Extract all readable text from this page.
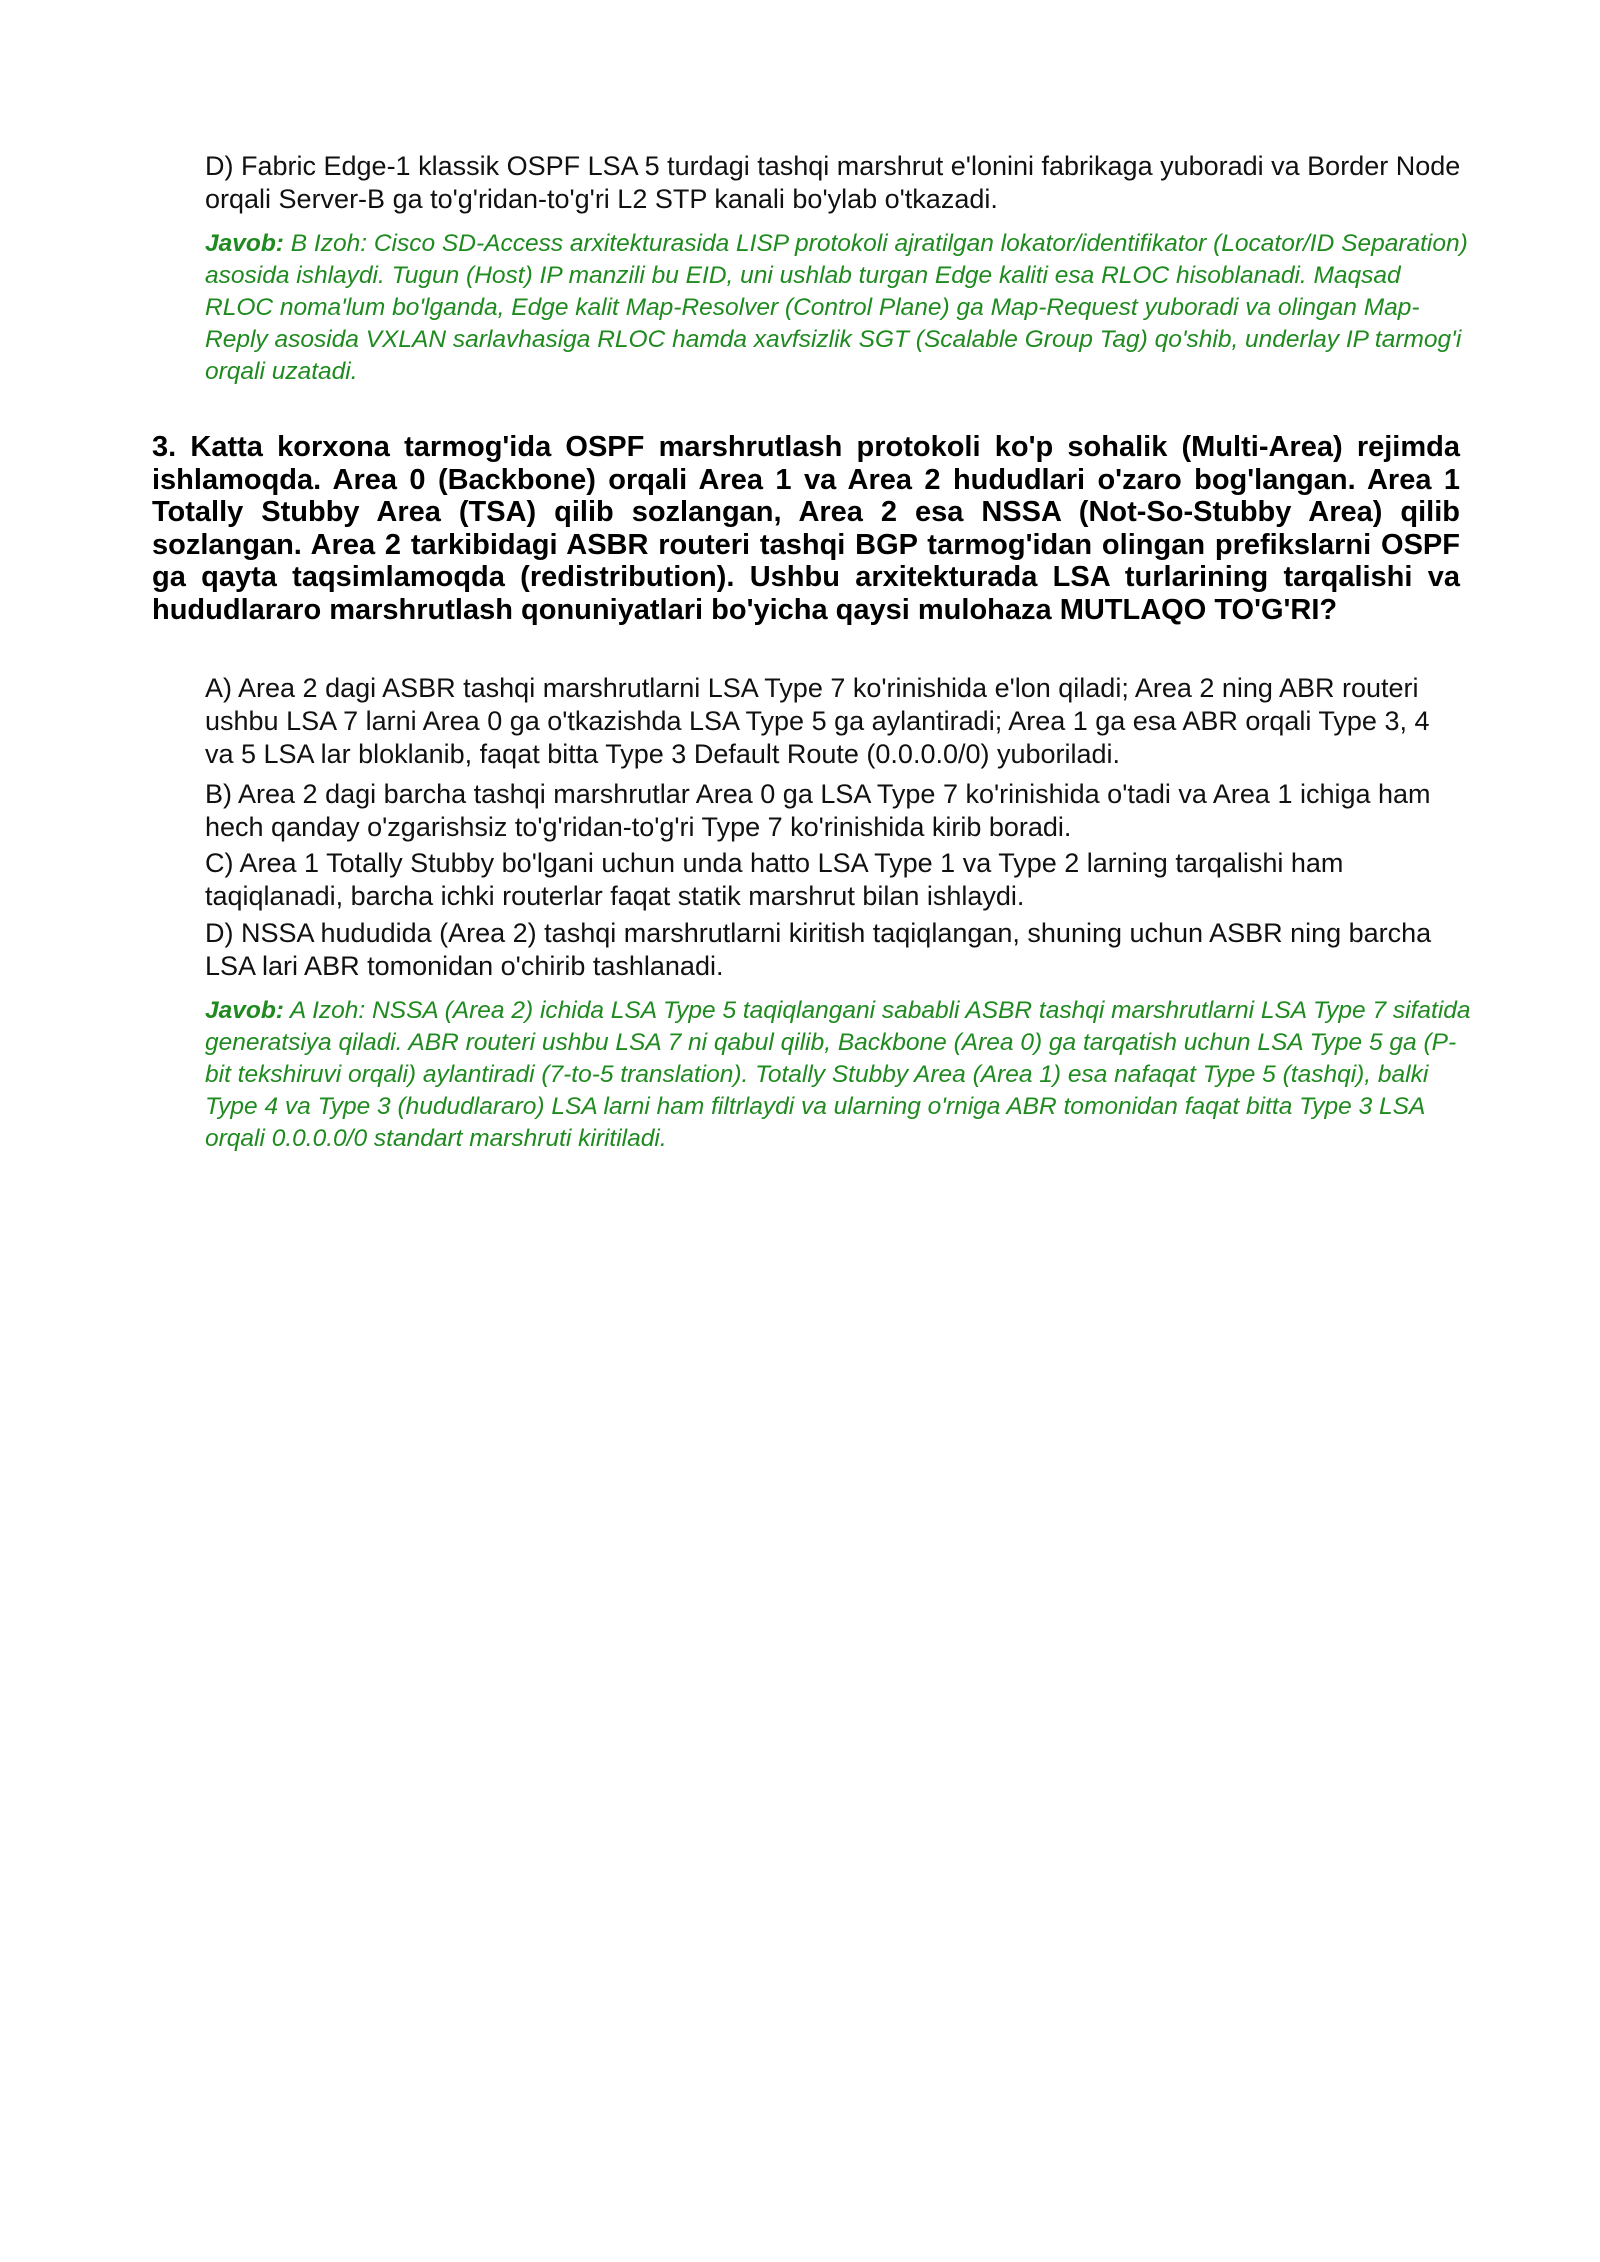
D) Fabric Edge-1 klassik OSPF LSA 5 turdagi tashqi marshrut e'lonini fabrikaga yuboradi va Border Node orqali Server-B ga to'g'ridan-to'g'ri L2 STP kanali bo'ylab o'tkazadi.
Javob: B Izoh: Cisco SD-Access arxitekturasida LISP protokoli ajratilgan lokator/identifikator (Locator/ID Separation) asosida ishlaydi. Tugun (Host) IP manzili bu EID, uni ushlab turgan Edge kaliti esa RLOC hisoblanadi. Maqsad RLOC noma'lum bo'lganda, Edge kalit Map-Resolver (Control Plane) ga Map-Request yuboradi va olingan Map-Reply asosida VXLAN sarlavhasiga RLOC hamda xavfsizlik SGT (Scalable Group Tag) qo'shib, underlay IP tarmog'i orqali uzatadi.
3. Katta korxona tarmog'ida OSPF marshrutlash protokoli ko'p sohalik (Multi-Area) rejimda ishlamoqda. Area 0 (Backbone) orqali Area 1 va Area 2 hududlari o'zaro bog'langan. Area 1 Totally Stubby Area (TSA) qilib sozlangan, Area 2 esa NSSA (Not-So-Stubby Area) qilib sozlangan. Area 2 tarkibidagi ASBR routeri tashqi BGP tarmog'idan olingan prefikslarni OSPF ga qayta taqsimlamoqda (redistribution). Ushbu arxitekturada LSA turlarining tarqalishi va hududlararo marshrutlash qonuniyatlari bo'yicha qaysi mulohaza MUTLAQO TO'G'RI?
A) Area 2 dagi ASBR tashqi marshrutlarni LSA Type 7 ko'rinishida e'lon qiladi; Area 2 ning ABR routeri ushbu LSA 7 larni Area 0 ga o'tkazishda LSA Type 5 ga aylantiradi; Area 1 ga esa ABR orqali Type 3, 4 va 5 LSA lar bloklanib, faqat bitta Type 3 Default Route (0.0.0.0/0) yuboriladi.
B) Area 2 dagi barcha tashqi marshrutlar Area 0 ga LSA Type 7 ko'rinishida o'tadi va Area 1 ichiga ham hech qanday o'zgarishsiz to'g'ridan-to'g'ri Type 7 ko'rinishida kirib boradi.
C) Area 1 Totally Stubby bo'lgani uchun unda hatto LSA Type 1 va Type 2 larning tarqalishi ham taqiqlanadi, barcha ichki routerlar faqat statik marshrut bilan ishlaydi.
D) NSSA hududida (Area 2) tashqi marshrutlarni kiritish taqiqlangan, shuning uchun ASBR ning barcha LSA lari ABR tomonidan o'chirib tashlanadi.
Javob: A Izoh: NSSA (Area 2) ichida LSA Type 5 taqiqlangani sababli ASBR tashqi marshrutlarni LSA Type 7 sifatida generatsiya qiladi. ABR routeri ushbu LSA 7 ni qabul qilib, Backbone (Area 0) ga tarqatish uchun LSA Type 5 ga (P-bit tekshiruvi orqali) aylantiradi (7-to-5 translation). Totally Stubby Area (Area 1) esa nafaqat Type 5 (tashqi), balki Type 4 va Type 3 (hududlararo) LSA larni ham filtrlaydi va ularning o'rniga ABR tomonidan faqat bitta Type 3 LSA orqali 0.0.0.0/0 standart marshruti kiritiladi.
